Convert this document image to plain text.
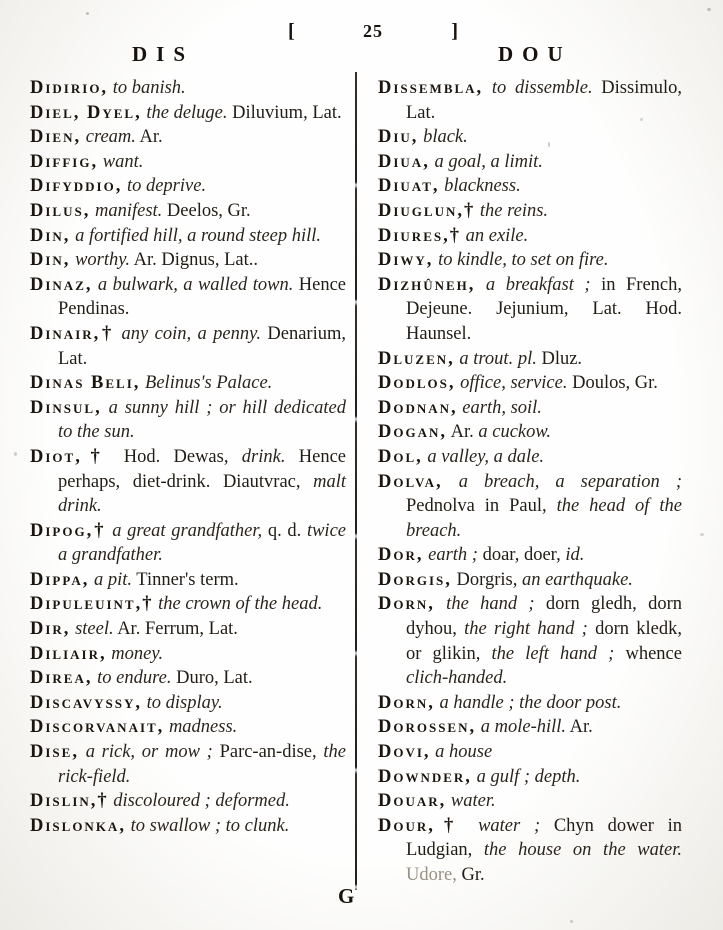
[	25	]
DIS	DOU

Didirio, to banish.

Diel, Dyel, the deluge. Diluvium, Lat.

Dien, cream. Ar.

Diffig, want.

Difyddio, to deprive.

Dilus, manifest. Deelos, Gr.

Din, a fortified hill, a round steep hill.

Din, worthy. Ar. Dignus, Lat..

Dinaz, a bulwark, a walled town. Hence Pendinas.

Dinair,† any coin, a penny. Denarium, Lat.

Dinas Beli, Belinus's Palace.

Dinsul, a sunny hill ; or hill dedicated to the sun.

Diot,† Hod. Dewas, drink. Hence perhaps, diet-drink. Diautvrac, malt drink.

Dipog,† a great grandfather, q. d. twice a grandfather.

Dippa, a pit. Tinner's term.

Dipuleuint,† the crown of the head.

Dir, steel. Ar. Ferrum, Lat.

Diliair, money.

Direa, to endure. Duro, Lat.

Discavyssy, to display.

Discorvanait, madness.

Dise, a rick, or mow ; Parc-an-dise, the rick-field.

Dislin,† discoloured ; deformed.

Dislonka, to swallow ; to clunk.

Dissembla, to dissemble. Dissimulo, Lat.

Diu, black.

Diua, a goal, a limit.

Diuat, blackness.

Diuglun,† the reins.

Diures,† an exile.

Diwy, to kindle, to set on fire.

Dizhûneh, a breakfast ; in French, Dejeune. Jejunium, Lat. Hod. Haunsel.

Dluzen, a trout. pl. Dluz.

Dodlos, office, service. Doulos, Gr.

Dodnan, earth, soil.

Dogan, Ar. a cuckow.

Dol, a valley, a dale.

Dolva, a breach, a separation ; Pednolva in Paul, the head of the breach.

Dor, earth ; doar, doer, id.

Dorgis, Dorgris, an earthquake.

Dorn, the hand ; dorn gledh, dorn dyhou, the right hand ; dorn kledk, or glikin, the left hand ; whence clich-handed.

Dorn, a handle ; the door post.

Dorossen, a mole-hill. Ar.

Dovi, a house

Downder, a gulf ; depth.

Douar, water.

Dour,† water ; Chyn dower in Ludgian, the house on the water. Udore, Gr.

G
